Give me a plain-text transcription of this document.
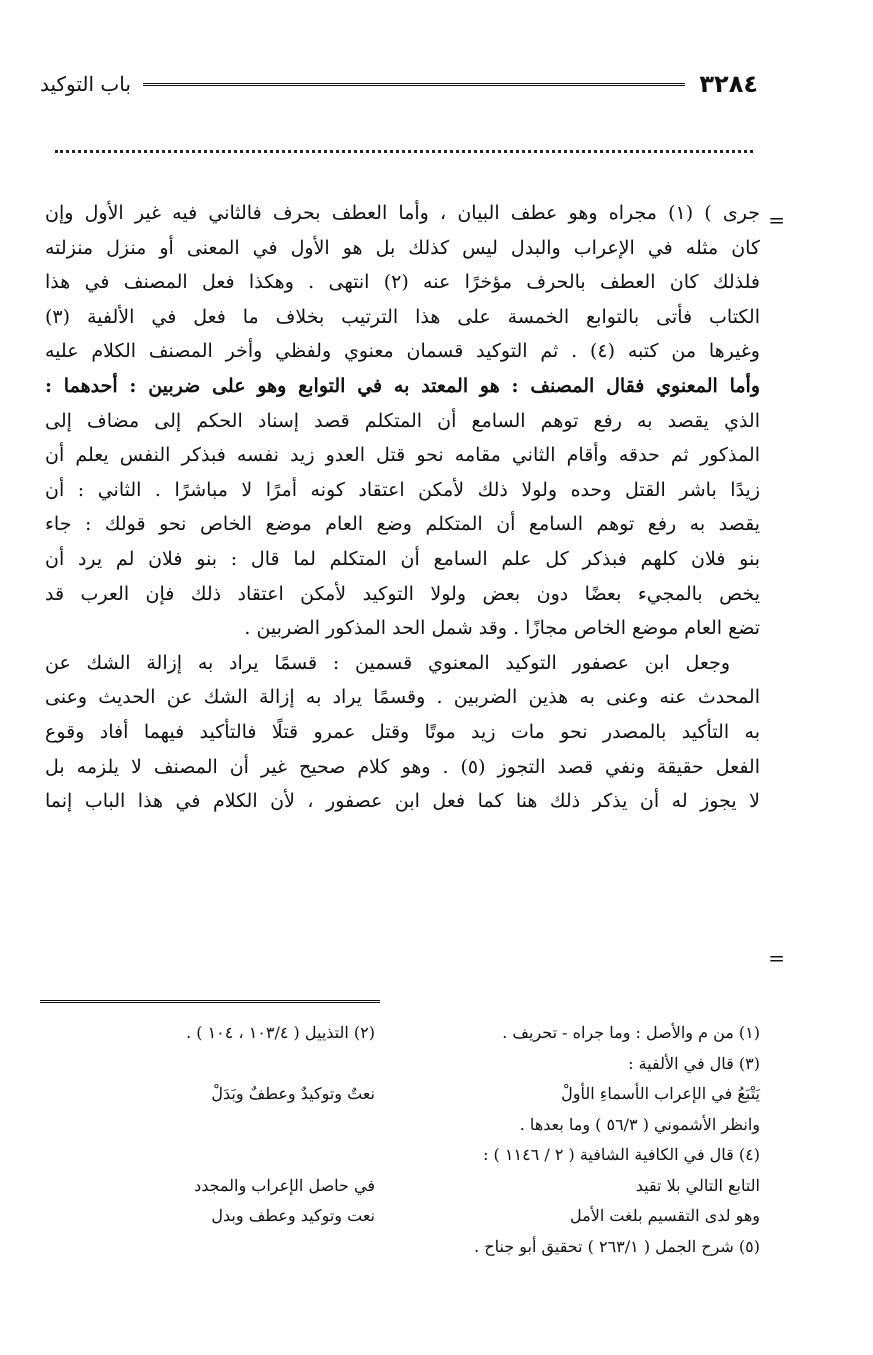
٣٢٨٤
باب التوكيد
=
=

جرى ) (١) مجراه وهو عطف البيان ، وأما العطف بحرف فالثاني فيه غير الأول وإن

كان مثله في الإعراب والبدل ليس كذلك بل هو الأول في المعنى أو منزل منزلته

فلذلك كان العطف بالحرف مؤخرًا عنه (٢) انتهى . وهكذا فعل المصنف في هذا

الكتاب فأتى بالتوابع الخمسة على هذا الترتيب بخلاف ما فعل في الألفية (٣)

وغيرها من كتبه (٤) . ثم التوكيد قسمان معنوي ولفظي وأخر المصنف الكلام عليه

وأما المعنوي فقال المصنف : هو المعتد به في التوابع وهو على ضربين : أحدهما :

الذي يقصد به رفع توهم السامع أن المتكلم قصد إسناد الحكم إلى مضاف إلى

المذكور ثم حدقه وأقام الثاني مقامه نحو قتل العدو زيد نفسه فبذكر النفس يعلم أن

زيدًا باشر القتل وحده ولولا ذلك لأمكن اعتقاد كونه أمرًا لا مباشرًا . الثاني : أن

يقصد به رفع توهم السامع أن المتكلم وضع العام موضع الخاص نحو قولك : جاء

بنو فلان كلهم فبذكر كل علم السامع أن المتكلم لما قال : بنو فلان لم يرد أن

يخص بالمجيء بعضًا دون بعض ولولا التوكيد لأمكن اعتقاد ذلك فإن العرب قد

تضع العام موضع الخاص مجازًا . وقد شمل الحد المذكور الضربين .

وجعل ابن عصفور التوكيد المعنوي قسمين : قسمًا يراد به إزالة الشك عن

المحدث عنه وعنى به هذين الضربين . وقسمًا يراد به إزالة الشك عن الحديث وعنى

به التأكيد بالمصدر نحو مات زيد موتًا وقتل عمرو قتلًا فالتأكيد فيهما أفاد وقوع

الفعل حقيقة ونفي قصد التجوز (٥) . وهو كلام صحيح غير أن المصنف لا يلزمه بل

لا يجوز له أن يذكر ذلك هنا كما فعل ابن عصفور ، لأن الكلام في هذا الباب إنما

(١) من م والأصل : وما جراه - تحريف .
(٢) التذييل ( ١٠٣/٤ ، ١٠٤ ) .
(٣) قال في الألفية :
يَتْبَعُ في الإعراب الأسماءِ الأولْ
نعتٌ وتوكيدٌ وعطفٌ وبَدَلْ
وانظر الأشموني ( ٥٦/٣ ) وما بعدها .
(٤) قال في الكافية الشافية ( ٢ / ١١٤٦ ) :
التابع التالي بلا تقيد
في حاصل الإعراب والمجدد
وهو لدى التقسيم بلغت الأمل
نعت وتوكيد وعطف وبدل
(٥) شرح الجمل ( ٢٦٣/١ ) تحقيق أبو جناح .
